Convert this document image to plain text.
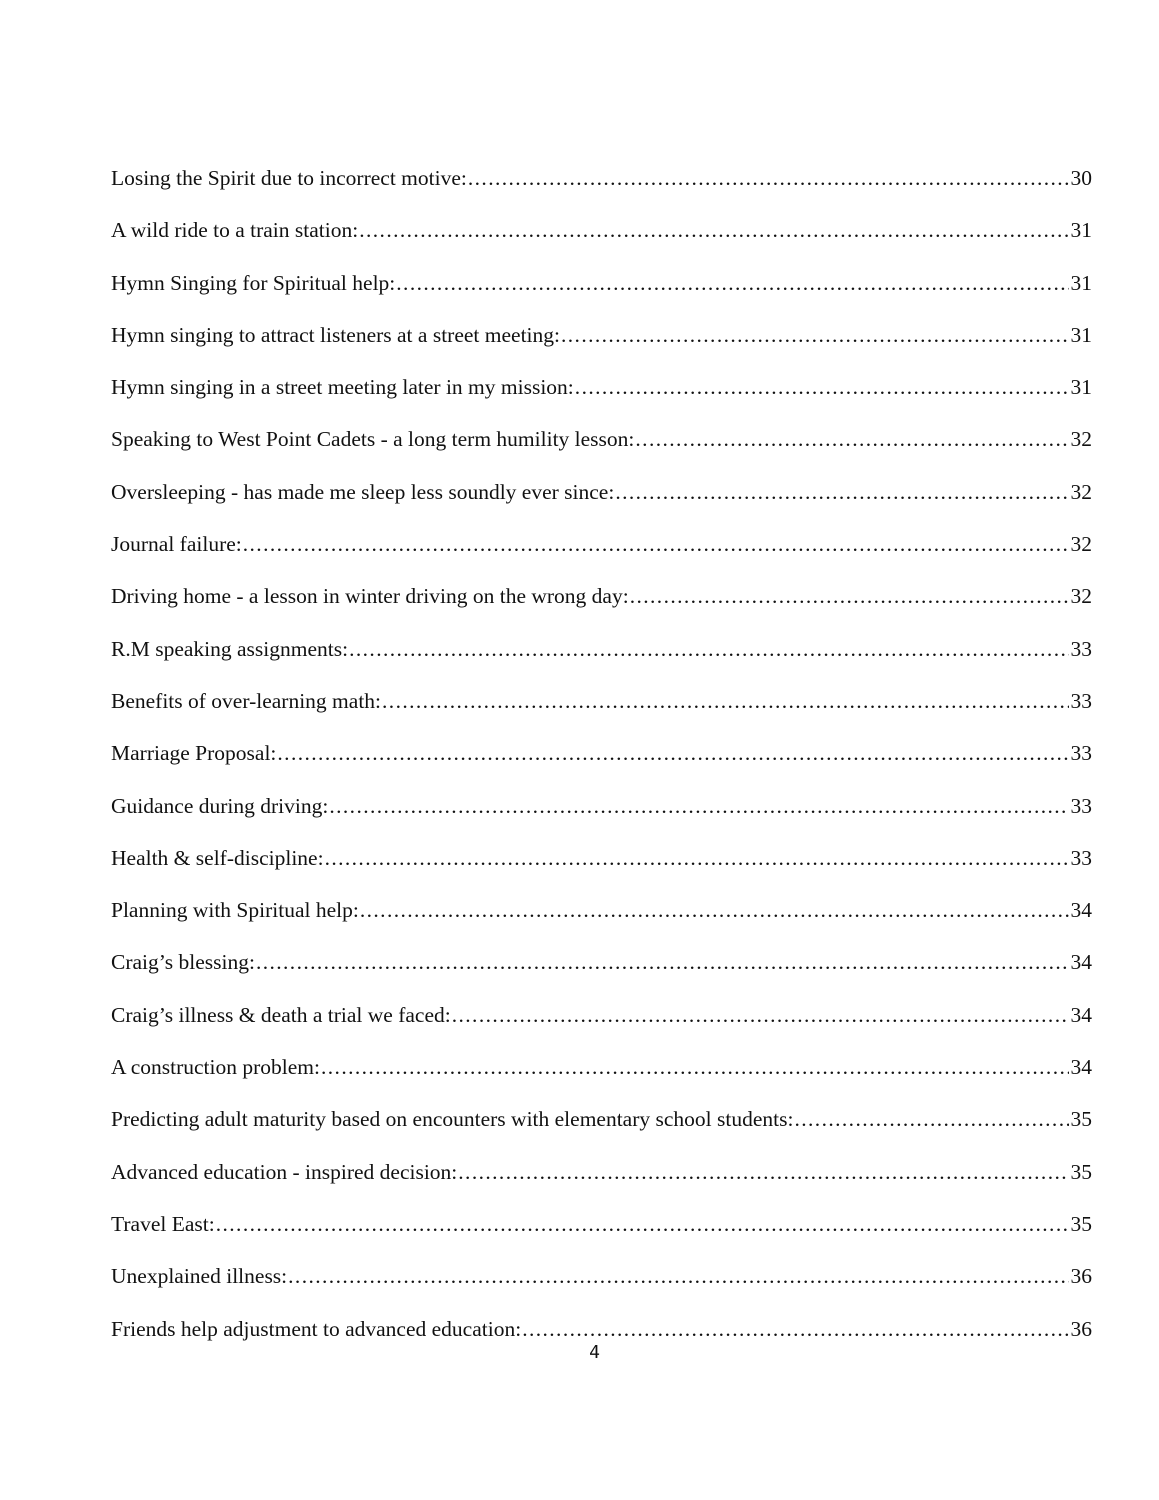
Losing the Spirit due to incorrect motive: .....	30
A wild ride to a train station: .....	31
Hymn Singing for Spiritual help: .....	31
Hymn singing to attract listeners at a street meeting: .....	31
Hymn singing in a street meeting later in my mission: .....	31
Speaking to West Point Cadets - a long term humility lesson: .....	32
Oversleeping - has made me sleep less soundly ever since: .....	32
Journal failure: .....	32
Driving home - a lesson in winter driving on the wrong day: .....	32
R.M speaking assignments: .....	33
Benefits of over-learning math: .....	33
Marriage Proposal: .....	33
Guidance during driving: .....	33
Health & self-discipline: .....	33
Planning with Spiritual help: .....	34
Craig’s blessing: .....	34
Craig’s illness & death a trial we faced: .....	34
A construction problem: .....	34
Predicting adult maturity based on encounters with elementary school students: .....	35
Advanced education - inspired decision: .....	35
Travel East: .....	35
Unexplained illness: .....	36
Friends help adjustment to advanced education: .....	36
4
